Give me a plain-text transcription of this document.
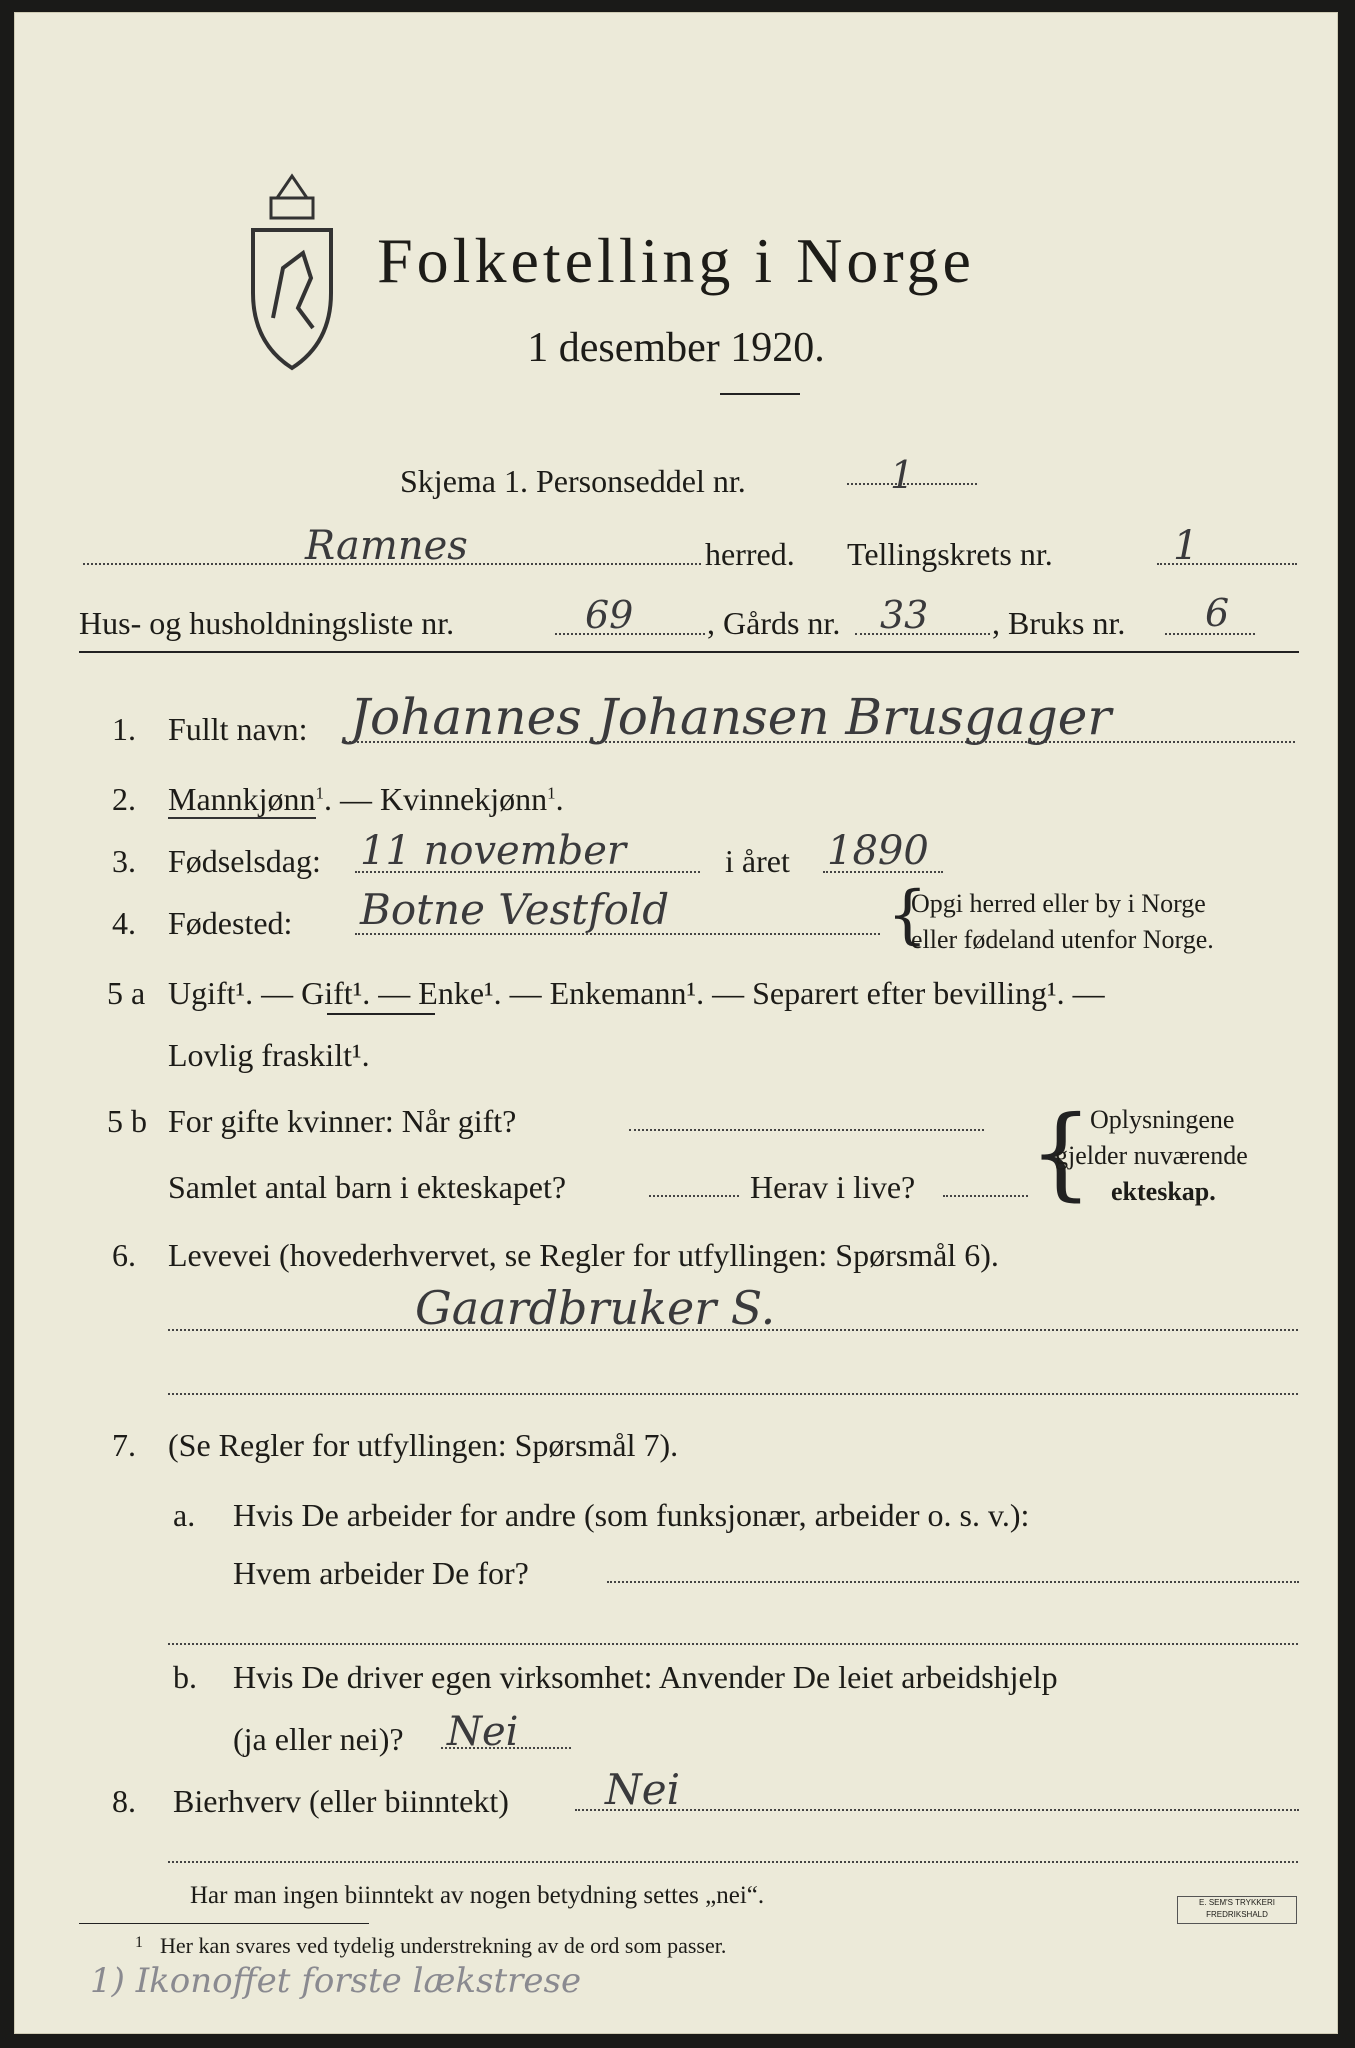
Folketelling i Norge
1 desember 1920.
Skjema 1. Personseddel nr.	1
Ramnes	herred. Tellingskrets nr.	1
Hus- og husholdningsliste nr.	69 , Gårds nr. 33 , Bruks nr. 6
1. Fullt navn: Johannes Johansen Brusgager
2. Mannkjønn$^1$. — Kvinnekjønn$^1$.
3. Fødselsdag: 11 november	i året 1890
4. Fødested: Botne Vestfold	{
Opgi herred eller by i Norge
eller fødeland utenfor Norge.
5 a Ugift¹. — Gift¹. — Enke¹. — Enkemann¹. — Separert efter bevilling¹. —
Lovlig fraskilt¹.
5 b For gifte kvinner: Når gift?
Samlet antal barn i ekteskapet?	Herav i live? {
Oplysningene
gjelder nuværende
ekteskap.
6. Levevei (hovederhvervet, se Regler for utfyllingen: Spørsmål 6).
Gaardbruker S.
7. (Se Regler for utfyllingen: Spørsmål 7).
a. Hvis De arbeider for andre (som funksjonær, arbeider o. s. v.):
Hvem arbeider De for?
b. Hvis De driver egen virksomhet: Anvender De leiet arbeidshjelp
(ja eller nei)? Nei
8. Bierhverv (eller biinntekt) Nei
Har man ingen biinntekt av nogen betydning settes „nei“.
1 Her kan svares ved tydelig understrekning av de ord som passer.
E. SEM'S TRYKKERI FREDRIKSHALD
1) Ikonoffet forste lækstrese
